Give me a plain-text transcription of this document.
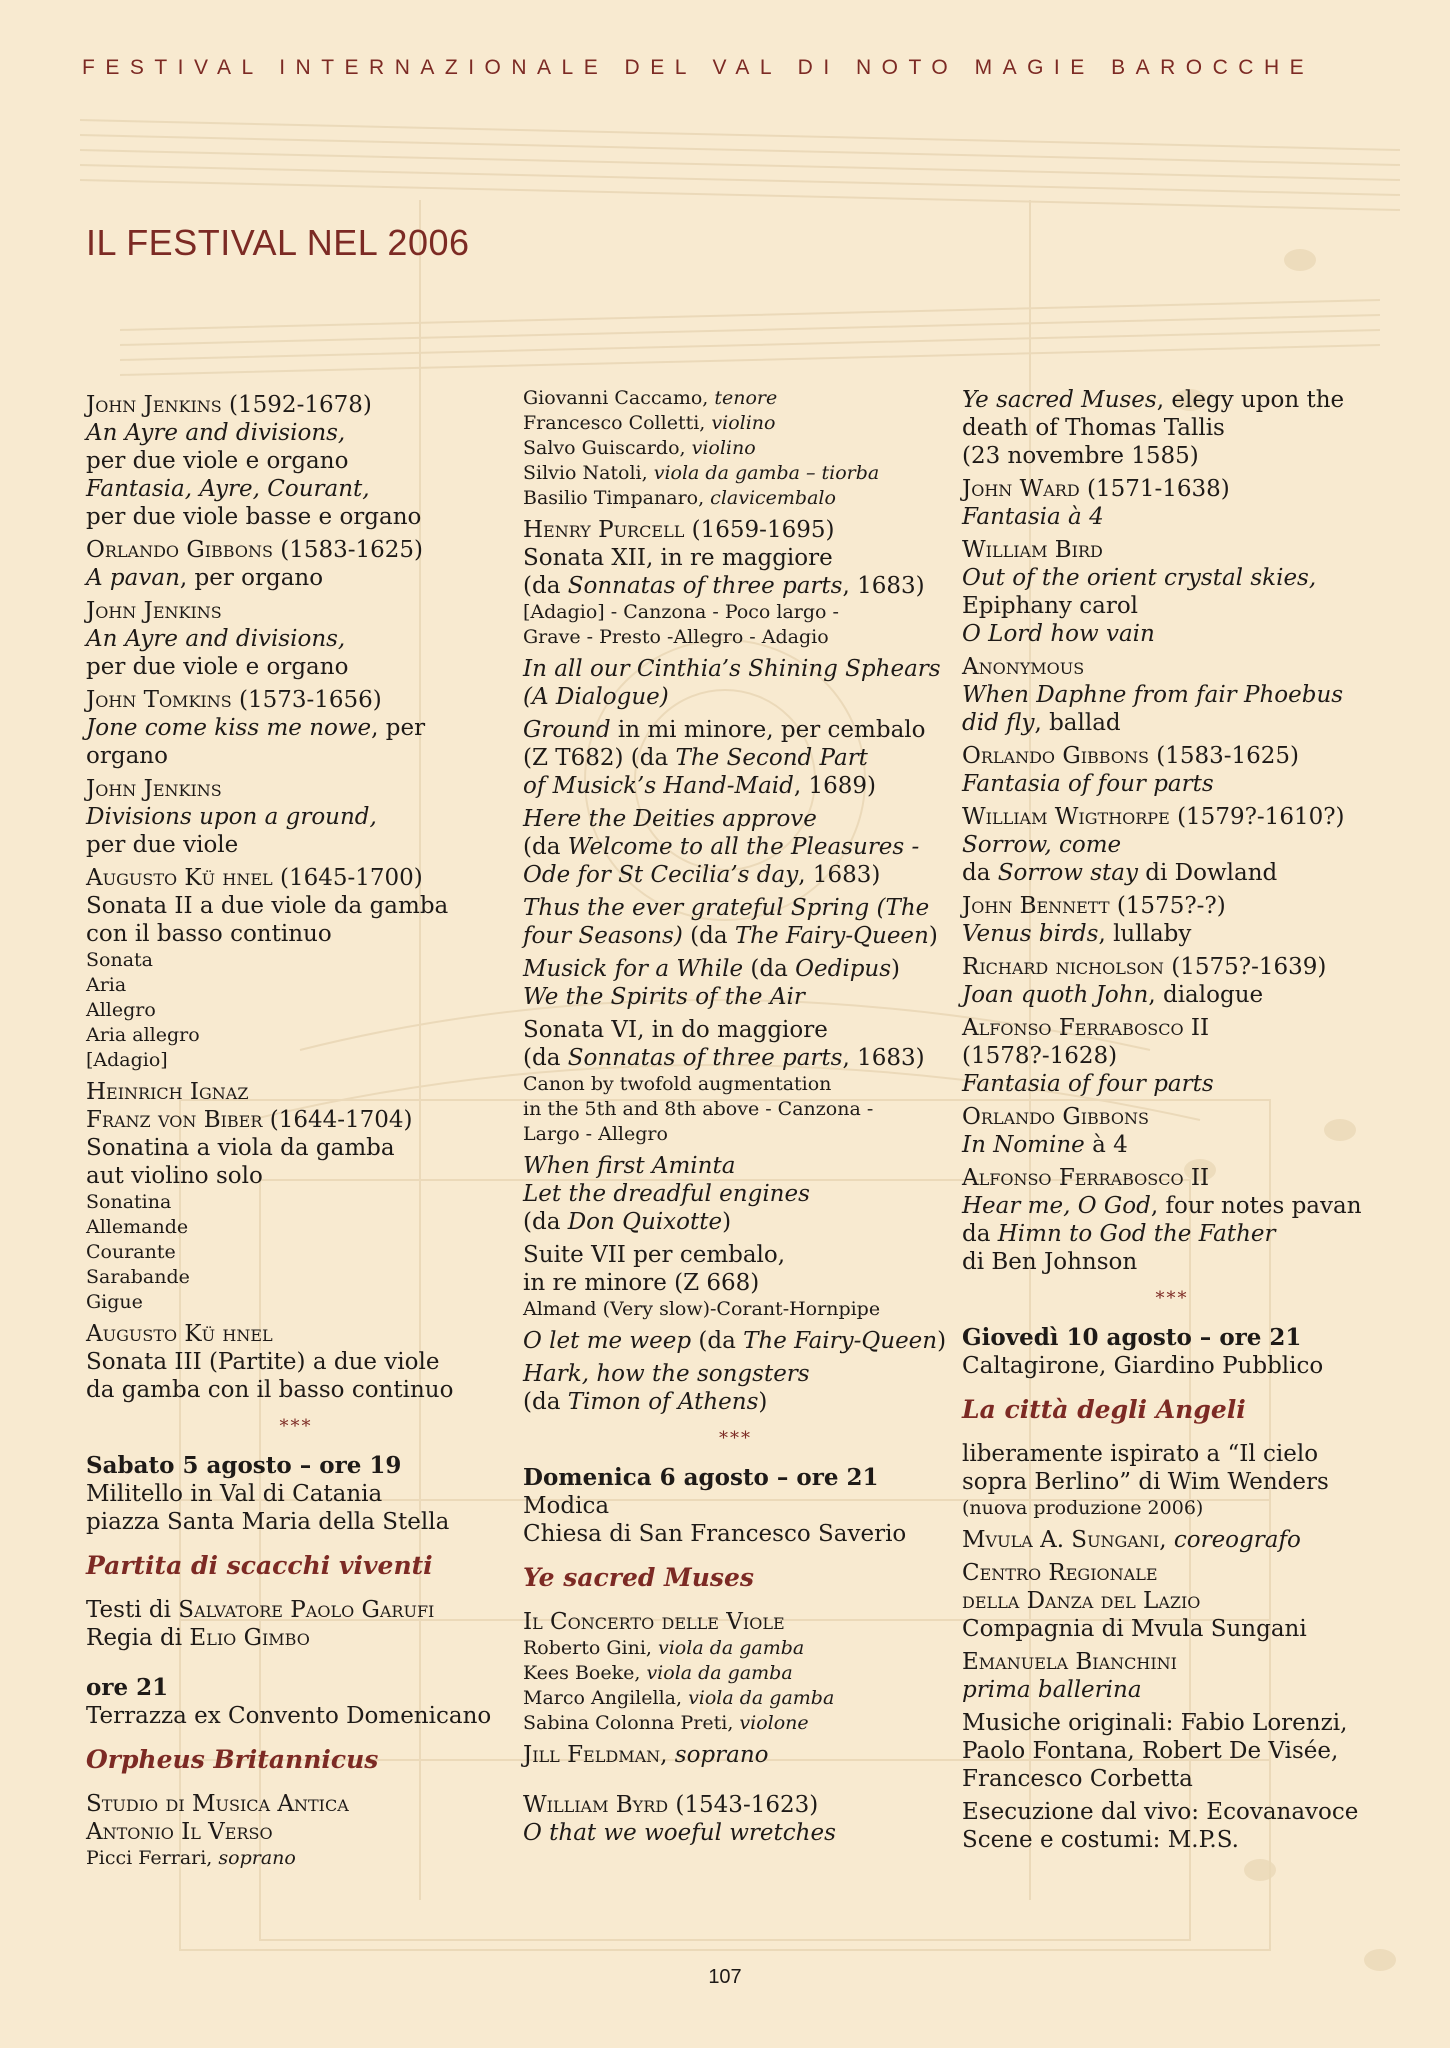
FESTIVAL INTERNAZIONALE DEL VAL DI NOTO MAGIE BAROCCHE
IL FESTIVAL NEL 2006
John Jenkins (1592-1678)
An Ayre and divisions,
per due viole e organo
Fantasia, Ayre, Courant,
per due viole basse e organo
Orlando Gibbons (1583-1625)
A pavan, per organo
John Jenkins
An Ayre and divisions,
per due viole e organo
John Tomkins (1573-1656)
Jone come kiss me nowe, per organo
John Jenkins
Divisions upon a ground,
per due viole
Augusto Kü hnel (1645-1700)
Sonata II a due viole da gamba
con il basso continuo
Sonata
Aria
Allegro
Aria allegro
[Adagio]
Heinrich Ignaz
Franz von Biber (1644-1704)
Sonatina a viola da gamba
aut violino solo
Sonatina
Allemande
Courante
Sarabande
Gigue
Augusto Kü hnel
Sonata III (Partite) a due viole
da gamba con il basso continuo
***
Sabato 5 agosto – ore 19
Militello in Val di Catania
piazza Santa Maria della Stella
Partita di scacchi viventi
Testi di Salvatore Paolo Garufi
Regia di Elio Gimbo
ore 21
Terrazza ex Convento Domenicano
Orpheus Britannicus
Studio di Musica Antica
Antonio Il Verso
Picci Ferrari, soprano
Giovanni Caccamo, tenore
Francesco Colletti, violino
Salvo Guiscardo, violino
Silvio Natoli, viola da gamba – tiorba
Basilio Timpanaro, clavicembalo
Henry Purcell (1659-1695)
Sonata XII, in re maggiore
(da Sonnatas of three parts, 1683)
[Adagio] - Canzona - Poco largo -
Grave - Presto -Allegro - Adagio
In all our Cinthia’s Shining Sphears
(A Dialogue)
Ground in mi minore, per cembalo
(Z T682) (da The Second Part
of Musick’s Hand-Maid, 1689)
Here the Deities approve
(da Welcome to all the Pleasures -
Ode for St Cecilia’s day, 1683)
Thus the ever grateful Spring (The
four Seasons) (da The Fairy-Queen)
Musick for a While (da Oedipus)
We the Spirits of the Air
Sonata VI, in do maggiore
(da Sonnatas of three parts, 1683)
Canon by twofold augmentation
in the 5th and 8th above - Canzona -
Largo - Allegro
When first Aminta
Let the dreadful engines
(da Don Quixotte)
Suite VII per cembalo,
in re minore (Z 668)
Almand (Very slow)-Corant-Hornpipe
O let me weep (da The Fairy-Queen)
Hark, how the songsters
(da Timon of Athens)
***
Domenica 6 agosto – ore 21
Modica
Chiesa di San Francesco Saverio
Ye sacred Muses
Il Concerto delle Viole
Roberto Gini, viola da gamba
Kees Boeke, viola da gamba
Marco Angilella, viola da gamba
Sabina Colonna Preti, violone
Jill Feldman, soprano
William Byrd (1543-1623)
O that we woeful wretches
Ye sacred Muses, elegy upon the
death of Thomas Tallis
(23 novembre 1585)
John Ward (1571-1638)
Fantasia à 4
William Bird
Out of the orient crystal skies,
Epiphany carol
O Lord how vain
Anonymous
When Daphne from fair Phoebus
did fly, ballad
Orlando Gibbons (1583-1625)
Fantasia of four parts
William Wigthorpe (1579?-1610?)
Sorrow, come
da Sorrow stay di Dowland
John Bennett (1575?-?)
Venus birds, lullaby
Richard nicholson (1575?-1639)
Joan quoth John, dialogue
Alfonso Ferrabosco II
(1578?-1628)
Fantasia of four parts
Orlando Gibbons
In Nomine à 4
Alfonso Ferrabosco II
Hear me, O God, four notes pavan
da Himn to God the Father
di Ben Johnson
***
Giovedì 10 agosto – ore 21
Caltagirone, Giardino Pubblico
La città degli Angeli
liberamente ispirato a “Il cielo
sopra Berlino” di Wim Wenders
(nuova produzione 2006)
Mvula A. Sungani, coreografo
Centro Regionale
della Danza del Lazio
Compagnia di Mvula Sungani
Emanuela Bianchini
prima ballerina
Musiche originali: Fabio Lorenzi,
Paolo Fontana, Robert De Visée,
Francesco Corbetta
Esecuzione dal vivo: Ecovanavoce
Scene e costumi: M.P.S.
107
